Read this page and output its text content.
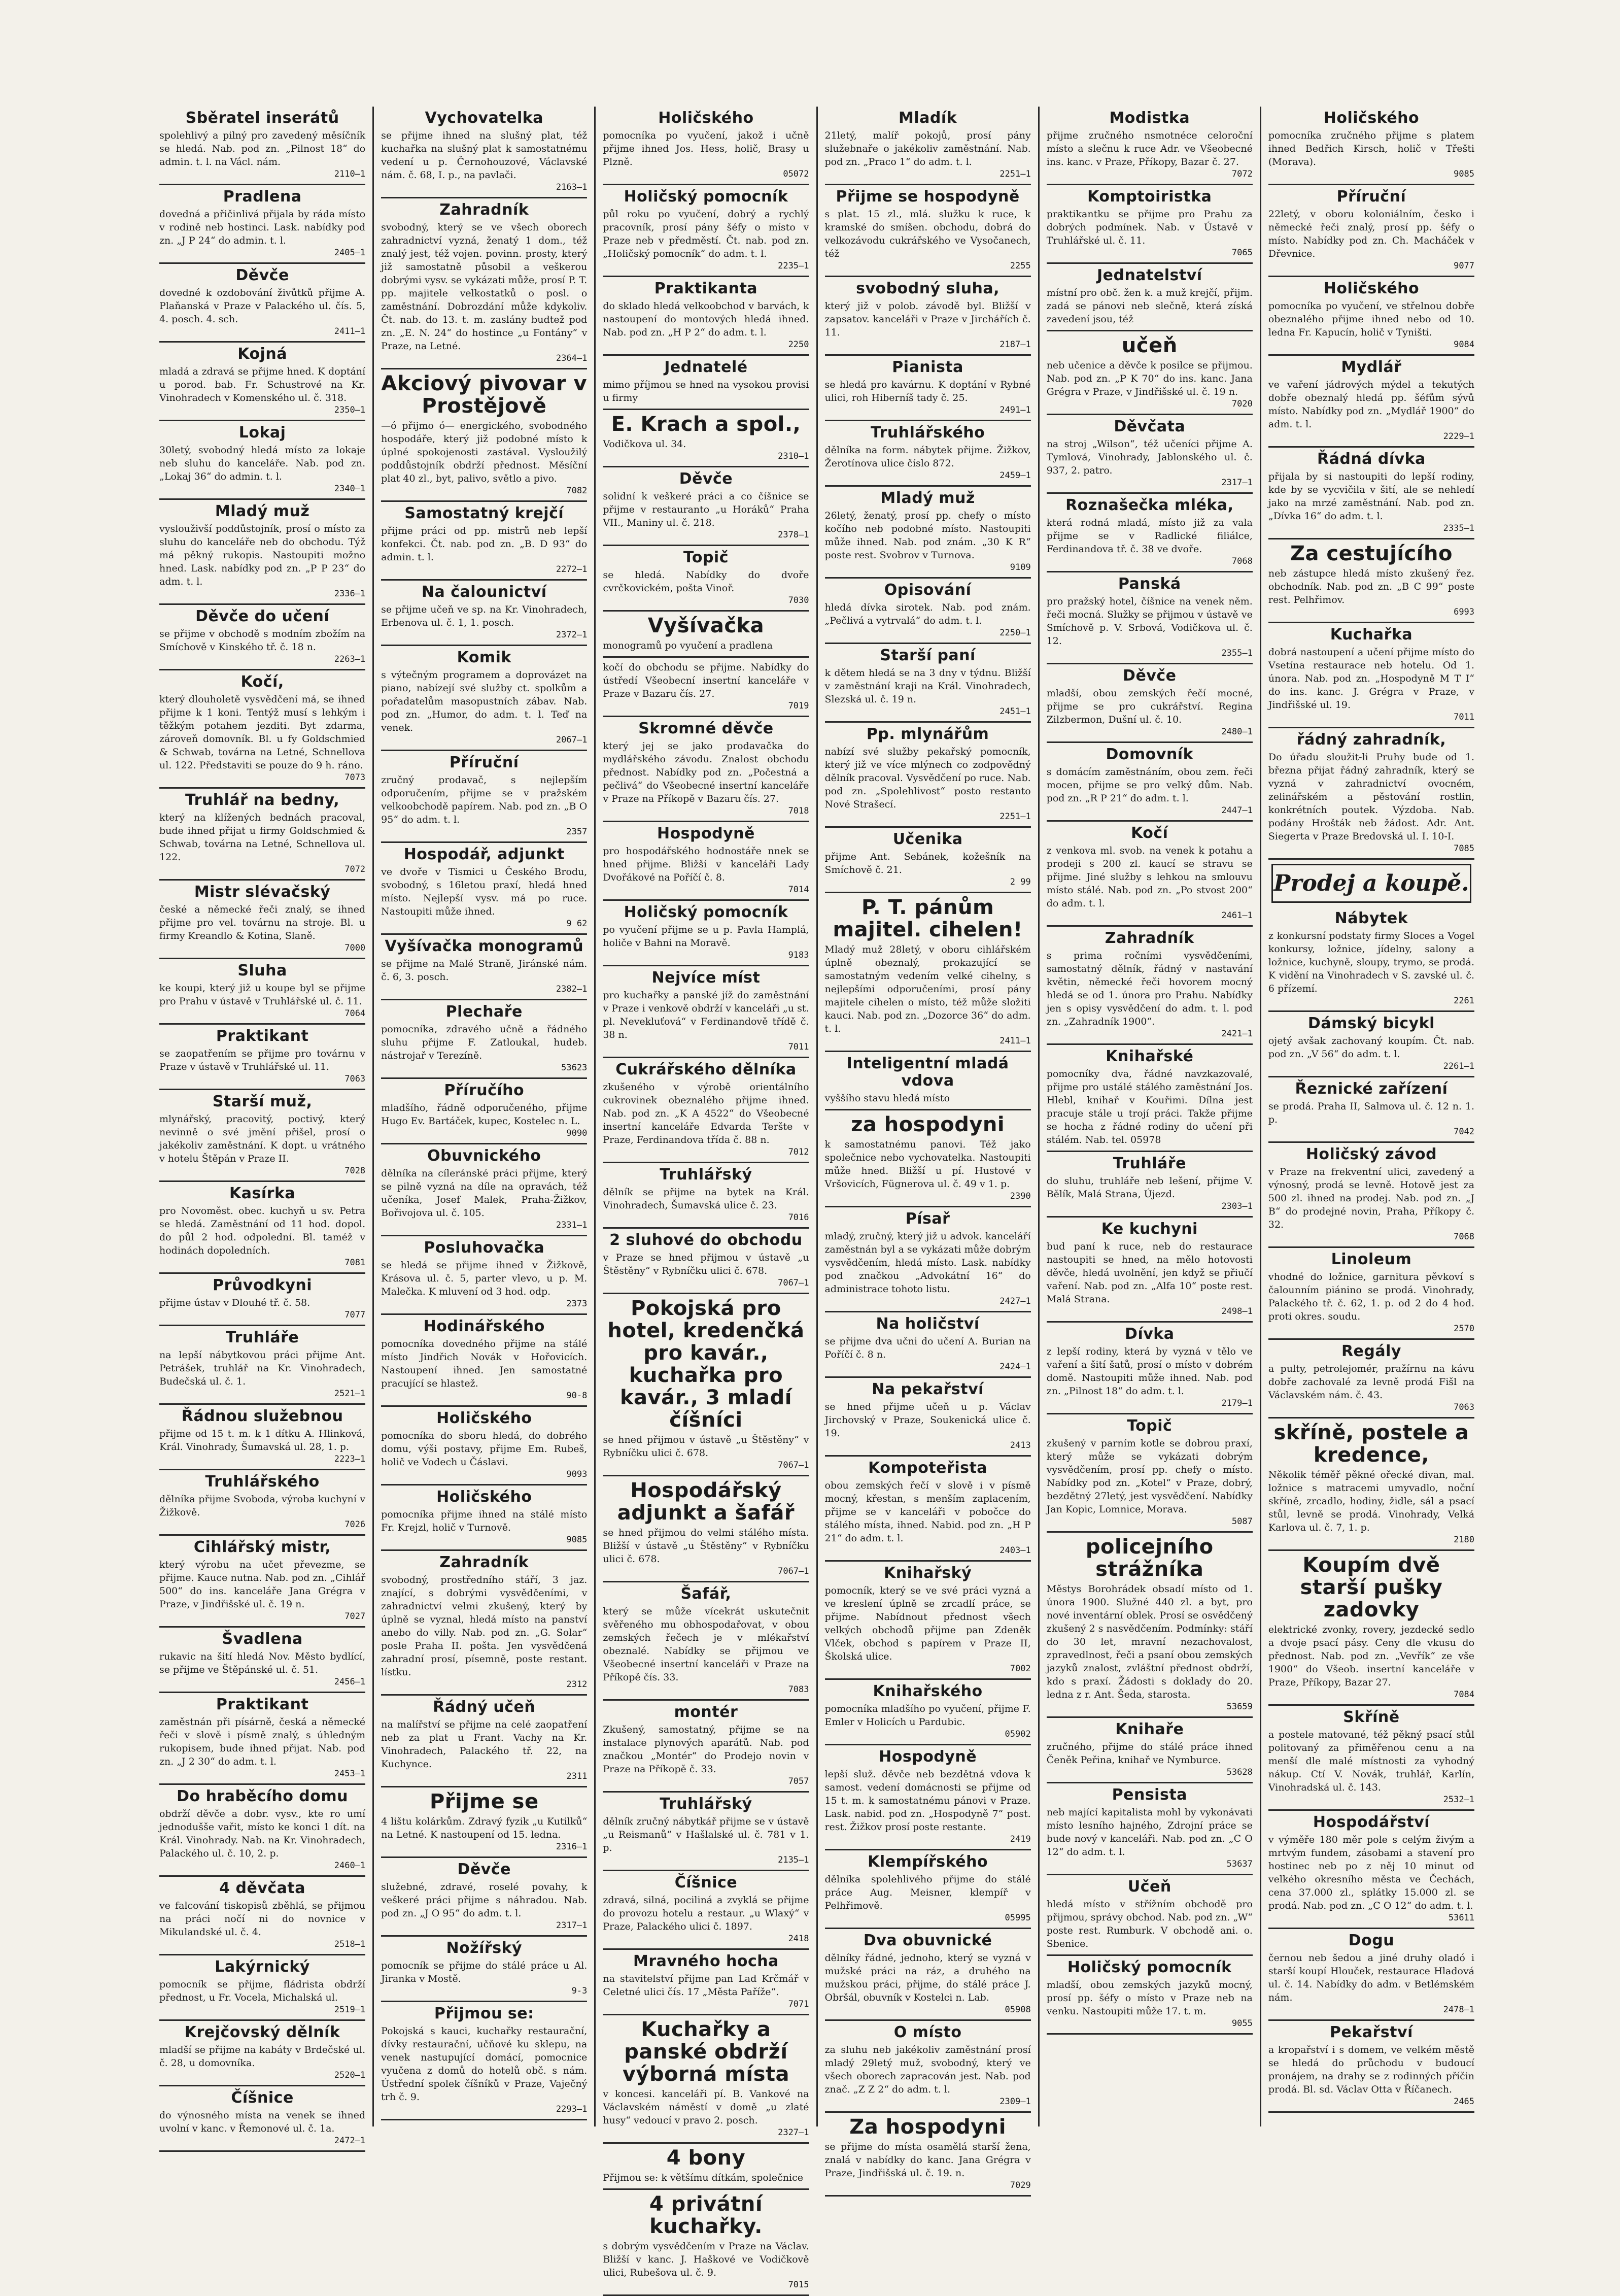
Sběratel inserátů

spolehlivý a pilný pro zavedený měsíčník se hledá. Nab. pod zn. „Pilnost 18“ do admin. t. l. na Václ. nám.

2110—1
Pradlena

dovedná a přičinlivá přijala by ráda místo v rodině neb hostinci. Lask. nabídky pod zn. „J P 24“ do admin. t. l.

2405—1
Děvče

dovedné k ozdobování živůtků přijme A. Plaňanská v Praze v Palackého ul. čís. 5, 4. posch. 4. sch.

2411—1
Kojná

mladá a zdravá se přijme hned. K doptání u porod. bab. Fr. Schustrové na Kr. Vinohradech v Komenského ul. č. 318.

2350—1
Lokaj

30letý, svobodný hledá místo za lokaje neb sluhu do kanceláře. Nab. pod zn. „Lokaj 36“ do admin. t. l.

2340—1
Mladý muž

vyslouživší poddůstojník, prosí o místo za sluhu do kanceláře neb do obchodu. Týž má pěkný rukopis. Nastoupiti možno hned. Lask. nabídky pod zn. „P P 23“ do adm. t. l.

2336—1
Děvče do učení

se přijme v obchodě s modním zbožím na Smíchově v Kinského tř. č. 18 n.

2263—1
Kočí,

který dlouholetě vysvědčení má, se ihned přijme k 1 koni. Tentýž musí s lehkým i těžkým potahem jezditi. Byt zdarma, zároveň domovník. Bl. u fy Goldschmied & Schwab, továrna na Letné, Schnellova ul. 122. Představiti se pouze do 9 h. ráno.

7073
Truhlář na bedny,

který na klížených bednách pracoval, bude ihned přijat u firmy Goldschmied & Schwab, továrna na Letné, Schnellova ul. 122.

7072
Mistr slévačský

české a německé řeči znalý, se ihned přijme pro vel. továrnu na stroje. Bl. u firmy Kreandlo & Kotina, Slaně.

7000
Sluha

ke koupi, který již u koupe byl se přijme pro Prahu v ústavě v Truhlářské ul. č. 11.

7064
Praktikant

se zaopatřením se přijme pro továrnu v Praze v ústavě v Truhlářské ul. 11.

7063
Starší muž,

mlynářský, pracovitý, poctivý, který nevinně o své jmění přišel, prosí o jakékoliv zaměstnání. K dopt. u vrátného v hotelu Štěpán v Praze II.

7028
Kasírka

pro Novoměst. obec. kuchyň u sv. Petra se hledá. Zaměstnání od 11 hod. dopol. do půl 2 hod. odpolední. Bl. taméž v hodinách dopoledních.

7081
Průvodkyni

přijme ústav v Dlouhé tř. č. 58.

7077
Truhláře

na lepší nábytkovou práci přijme Ant. Petrášek, truhlář na Kr. Vinohradech, Budečská ul. č. 1.

2521—1
Řádnou služebnou

přijme od 15 t. m. k 1 dítku A. Hlinková, Král. Vinohrady, Šumavská ul. 28, 1. p.

2223—1
Truhlářského

dělníka přijme Svoboda, výroba kuchyní v Žižkově.

7026
Cihlářský mistr,

který výrobu na učet převezme, se přijme. Kauce nutna. Nab. pod zn. „Cihlář 500“ do ins. kanceláře Jana Grégra v Praze, v Jindřišské ul. č. 19 n.

7027
Švadlena

rukavic na šití hledá Nov. Město bydlící, se přijme ve Štěpánské ul. č. 51.

2456—1
Praktikant

zaměstnán při písárně, česká a německé řeči v slově i písmě znalý, s úhledným rukopisem, bude ihned přijat. Nab. pod zn. „J 2 30“ do adm. t. l.

2453—1
Do hraběcího domu

obdrží děvče a dobr. vysv., kte ro umí jednodušše vařit, místo ke konci 1 dít. na Král. Vinohrady. Nab. na Kr. Vinohradech, Palackého ul. č. 10, 2. p.

2460—1
4 děvčata

ve falcování tiskopisů zběhlá, se přijmou na práci nočí ni do novnice v Mikulandské ul. č. 4.

2518—1
Lakýrnický

pomocník se přijme, fládrista obdrží přednost, u Fr. Vocela, Michalská ul.

2519—1
Krejčovský dělník

mladší se přijme na kabáty v Brdečské ul. č. 28, u domovníka.

2520—1
Číšnice

do výnosného místa na venek se ihned uvolní v kanc. v Řemonové ul. č. 1a.

2472—1
Vychovatelka

se přijme ihned na slušný plat, též kuchařka na slušný plat k samostatnému vedení u p. Černohouzové, Václavské nám. č. 68, I. p., na pavlači.

2163—1
Zahradník

svobodný, který se ve všech oborech zahradnictví vyzná, ženatý 1 dom., též znalý jest, též vojen. povinn. prosty, který již samostatně působil a veškerou dobrými vysv. se vykázati může, prosí P. T. pp. majitele velkostatků o posl. o zaměstnání. Dobrozdání může kdykoliv. Čt. nab. do 13. t. m. zaslány budtež pod zn. „E. N. 24“ do hostince „u Fontány“ v Praze, na Letné.

2364—1
Akciový pivovar v Prostějově

—ó přijmo ó— energického, svobodného hospodáře, který již podobné místo k úplné spokojenosti zastával. Vysloužilý poddůstojník obdrží přednost. Měsíční plat 40 zl., byt, palivo, světlo a pivo.

7082
Samostatný krejčí

přijme práci od pp. mistrů neb lepší konfekci. Čt. nab. pod zn. „B. D 93“ do admin. t. l.

2272—1
Na čalounictví

se přijme učeň ve sp. na Kr. Vinohradech, Erbenova ul. č. 1, 1. posch.

2372—1
Komik

s výtečným programem a doprovázet na piano, nabízejí své služby ct. spolkům a pořadatelům masopustních zábav. Nab. pod zn. „Humor, do adm. t. l. Teď na venek.

2067—1
Příruční

zručný prodavač, s nejlepším odporučením, přijme se v pražském velkoobchodě papírem. Nab. pod zn. „B O 95“ do adm. t. l.

2357
Hospodář, adjunkt

ve dvoře v Tismici u Českého Brodu, svobodný, s 16letou praxí, hledá hned místo. Nejlepší vysv. má po ruce. Nastoupiti může ihned.

9 62
Vyšívačka monogramů

se přijme na Malé Straně, Jiránské nám. č. 6, 3. posch.

2382—1
Plechaře

pomocníka, zdravého učně a řádného sluhu přijme F. Zatloukal, hudeb. nástrojař v Terezíně.

53623
Příručího

mladšího, řádně odporučeného, přijme Hugo Ev. Bartáček, kupec, Kostelec n. L.

9090
Obuvnického

dělníka na cíleránské práci přijme, který se pilně vyzná na díle na opravách, též učeníka, Josef Malek, Praha-Žižkov, Bořivojova ul. č. 105.

2331—1
Posluhovačka

se hledá se přijme ihned v Žižkově, Krásova ul. č. 5, parter vlevo, u p. M. Malečka. K mluvení od 3 hod. odp.

2373
Hodinářského

pomocníka dovedného přijme na stálé místo Jindřich Novák v Hořovicích. Nastoupení ihned. Jen samostatné pracující se hlastež.

90-8
Holičského

pomocníka do sboru hledá, do dobrého domu, výši postavy, přijme Em. Rubeš, holič ve Vodech u Čáslavi.

9093
Holičského

pomocníka přijme ihned na stálé místo Fr. Krejzl, holič v Turnově.

9085
Zahradník

svobodný, prostředního stáří, 3 jaz. znající, s dobrými vysvědčeními, v zahradnictví velmi zkušený, který by úplně se vyznal, hledá místo na panství anebo do villy. Nab. pod zn. „G. Solar“ posle Praha II. pošta. Jen vysvědčená zahradní prosí, písemně, poste restant. lístku.

2312
Řádný učeň

na malířství se přijme na celé zaopatření neb za plat u Frant. Vachy na Kr. Vinohradech, Palackého tř. 22, na Kuchynce.

2311
Přijme se

4 lištu kolárkům. Zdravý fyzik „u Kutilků“ na Letné. K nastoupení od 15. ledna.

2316—1
Děvče

služebné, zdravé, roselé povahy, k veškeré práci přijme s náhradou. Nab. pod zn. „J O 95“ do adm. t. l.

2317—1
Nožířský

pomocník se přijme do stálé práce u Al. Jiranka v Mostě.

9-3
Přijmou se:

Pokojská s kauci, kuchařky restaurační, dívky restaurační, učňové ku sklepu, na venek nastupující domácí, pomocnice vyučena z domů do hotelů obč. s nám. Ústřední spolek číšníků v Praze, Vaječný trh č. 9.

2293—1
Holičského

pomocníka po vyučení, jakož i učně přijme ihned Jos. Hess, holič, Brasy u Plzně.

05072
Holičský pomocník

půl roku po vyučení, dobrý a rychlý pracovník, prosí pány šéfy o místo v Praze neb v předměstí. Čt. nab. pod zn. „Holičský pomocník“ do adm. t. l.

2235—1
Praktikanta

do sklado hledá velkoobchod v barvách, k nastoupení do montových hledá ihned. Nab. pod zn. „H P 2“ do adm. t. l.

2250
Jednatelé

mimo příjmou se hned na vysokou provisi u firmy

E. Krach a spol.,

Vodičkova ul. 34.

2310—1
Děvče

solidní k veškeré práci a co číšnice se přijme v restauranto „u Horáků“ Praha VII., Maniny ul. č. 218.

2378—1
Topič

se hledá. Nabídky do dvoře cvrčkovickém, pošta Vinoř.

7030
Vyšívačka

monogramů po vyučení a pradlena

kočí do obchodu se přijme. Nabídky do ústředí Všeobecní insertní kanceláře v Praze v Bazaru čís. 27.

7019
Skromné děvče

který jej se jako prodavačka do mydlářského závodu. Znalost obchodu přednost. Nabídky pod zn. „Počestná a pečlivá“ do Všeobecné insertní kanceláře v Praze na Příkopě v Bazaru čís. 27.

7018
Hospodyně

pro hospodářského hodnostáře nnek se hned přijme. Bližší v kanceláři Lady Dvořákové na Poříčí č. 8.

7014
Holičský pomocník

po vyučení přijme se u p. Pavla Hamplá, holiče v Bahni na Moravě.

9183
Nejvíce míst

pro kuchařky a panské jíž do zaměstnání v Praze i venkově obdrží v kanceláři „u st. pl. Nevekluťová“ v Ferdinandově třídě č. 38 n.

7011
Cukrářského dělníka

zkušeného v výrobě orientálního cukrovinek obeznalého přijme ihned. Nab. pod zn. „K A 4522“ do Všeobecné insertní kanceláře Edvarda Teršte v Praze, Ferdinandova třída č. 88 n.

7012
Truhlářský

dělník se přijme na bytek na Král. Vinohradech, Šumavská ulice č. 23.

7016
2 sluhové do obchodu

v Praze se hned přijmou v ústavě „u Štěstěny“ v Rybníčku ulici č. 678.

7067—1
Pokojská pro hotel, kredenčká pro kavár., kuchařka pro kavár., 3 mladí číšníci

se hned přijmou v ústavě „u Štěstěny“ v Rybníčku ulici č. 678.

7067—1
Hospodářský adjunkt a šafář

se hned přijmou do velmi stálého místa. Bližší v ústavě „u Štěstěny“ v Rybníčku ulici č. 678.

7067—1
Šafář,

který se může vícekrát uskutečnit svěřeného mu obhospodařovat, v obou zemských řečech je v mlékařství obeznalé. Nabídky se přijmou ve Všeobecné insertní kanceláři v Praze na Příkopě čís. 33.

7083
montér

Zkušený, samostatný, přijme se na instalace plynových aparátů. Nab. pod značkou „Montér“ do Prodejo novin v Praze na Příkopě č. 33.

7057
Truhlářský

dělník zručný nábytkář přijme se v ústavě „u Reismanů“ v Hašlalské ul. č. 781 v 1. p.

2135—1
Číšnice

zdravá, silná, pociliná a zvyklá se přijme do provozu hotelu a restaur. „u Wlaxý“ v Praze, Palackého ulici č. 1897.

2418
Mravného hocha

na stavitelství přijme pan Lad Krčmář v Celetné ulici čís. 17 „Města Paříže“.

7071
Kuchařky a panské obdrží výborná místa

v koncesi. kanceláři pí. B. Vankové na Václavském náměstí v domě „u zlaté husy“ vedoucí v pravo 2. posch.

2327—1
4 bony

Přijmou se: k většímu dítkám, společnice

4 privátní kuchařky.

s dobrým vysvědčením v Praze na Václav. Bližší v kanc. J. Haškové ve Vodičkově ulici, Rubešova ul. č. 9.

7015
Mladík

21letý, malíř pokojů, prosí pány služebnaře o jakékoliv zaměstnání. Nab. pod zn. „Praco 1“ do adm. t. l.

2251—1
Přijme se hospodyně

s plat. 15 zl., mlá. služku k ruce, k kramské do smíšen. obchodu, dobrá do velkozávodu cukrářského ve Vysočanech, též

2255
svobodný sluha,

který již v polob. závodě byl. Bližší v zapsatov. kanceláři v Praze v Jirchářích č. 11.

2187—1
Pianista

se hledá pro kavárnu. K doptání v Rybné ulici, roh Hiberníš tady č. 25.

2491—1
Truhlářského

dělníka na form. nábytek přijme. Žižkov, Žerotínova ulice číslo 872.

2459—1
Mladý muž

26letý, ženatý, prosí pp. chefy o místo kočího neb podobné místo. Nastoupiti může ihned. Nab. pod znám. „30 K R“ poste rest. Svobrov v Turnova.

9109
Opisování

hledá dívka sirotek. Nab. pod znám. „Pečlivá a vytrvalá“ do adm. t. l.

2250—1
Starší paní

k dětem hledá se na 3 dny v týdnu. Bližší v zaměstnání kraji na Král. Vinohradech, Slezská ul. č. 19 n.

2451—1
Pp. mlynářům

nabízí své služby pekařský pomocník, který již ve více mlýnech co zodpovědný dělník pracoval. Vysvědčení po ruce. Nab. pod zn. „Spolehlivost“ posto restanto Nové Strašecí.

2251—1
Učenika

přijme Ant. Sebánek, kožešník na Smíchově č. 21.

2 99
P. T. pánům majitel. cihelen!

Mladý muž 28letý, v oboru cihlářském úplně obeznalý, prokazující se samostatným vedením velké cihelny, s nejlepšími odporučeními, prosí pány majitele cihelen o místo, též může složiti kauci. Nab. pod zn. „Dozorce 36“ do adm. t. l.

2411—1
Inteligentní mladá vdova

vyššího stavu hledá místo

za hospodyni

k samostatnému panovi. Též jako společnice nebo vychovatelka. Nastoupiti může hned. Bližší u pí. Hustové v Vršovicích, Fügnerova ul. č. 49 v 1. p.

2390
Písař

mladý, zručný, který již u advok. kanceláří zaměstnán byl a se vykázati může dobrým vysvědčením, hledá místo. Lask. nabídky pod značkou „Advokátní 16“ do administrace tohoto listu.

2427—1
Na holičství

se přijme dva učni do učení A. Burian na Poříčí č. 8 n.

2424—1
Na pekařství

se hned přijme učeň u p. Václav Jirchovský v Praze, Soukenická ulice č. 19.

2413
Kompoteřista

obou zemských řečí v slově i v písmě mocný, křestan, s menším zaplacením, přijme se v kanceláři v pobočce do stálého místa, ihned. Nabid. pod zn. „H P 21“ do adm. t. l.

2403—1
Knihařský

pomocník, který se ve své práci vyzná a ve kreslení úplně se zrcadlí práce, se přijme. Nabídnout přednost všech velkých obchodů přijme pan Zdeněk Vlček, obchod s papírem v Praze II, Školská ulice.

7002
Knihařského

pomocníka mladšího po vyučení, přijme F. Emler v Holicích u Pardubic.

05902
Hospodyně

lepší služ. děvče neb bezdětná vdova k samost. vedení domácnosti se přijme od 15 t. m. k samostatnému pánovi v Praze. Lask. nabid. pod zn. „Hospodyně 7“ post. rest. Žižkov prosí poste restante.

2419
Klempířského

dělníka spolehlivého přijme do stálé práce Aug. Meisner, klempíř v Pelhřimově.

05995
Dva obuvnické

dělníky řádné, jednoho, který se vyzná v mužské práci na ráz, a druhého na mužskou práci, přijme, do stálé práce J. Obršál, obuvník v Kostelci n. Lab.

05908
O místo

za sluhu neb jakékoliv zaměstnání prosí mladý 29letý muž, svobodný, který ve všech oborech zapracován jest. Nab. pod znač. „Z Z 2“ do adm. t. l.

2309—1
Za hospodyni

se přijme do místa osamělá starší žena, znalá v nabídky do kanc. Jana Grégra v Praze, Jindřišská ul. č. 19. n.

7029
Modistka

přijme zručného nsmotnéce celoroční místo a slečnu k ruce Adr. ve Všeobecné ins. kanc. v Praze, Příkopy, Bazar č. 27.

7072
Komptoiristka

praktikantku se přijme pro Prahu za dobrých podmínek. Nab. v Ústavě v Truhlářské ul. č. 11.

7065
Jednatelství

místní pro obč. žen k. a muž krejčí, přijm. zadá se pánovi neb slečně, která získá zavedení jsou, též

učeň

neb učenice a děvče k posilce se přijmou. Nab. pod zn. „P K 70“ do ins. kanc. Jana Grégra v Praze, v Jindřišské ul. č. 19 n.

7020
Děvčata

na stroj „Wilson“, též učeníci přijme A. Tymlová, Vinohrady, Jablonského ul. č. 937, 2. patro.

2317—1
Roznašečka mléka,

která rodná mladá, místo již za vala přijme se v Radlické filiálce, Ferdinandova tř. č. 38 ve dvoře.

7068
Panská

pro pražský hotel, číšnice na venek něm. řeči mocná. Služky se přijmou v ústavě ve Smíchově p. V. Srbová, Vodičkova ul. č. 12.

2355—1
Děvče

mladší, obou zemských řečí mocné, přijme se pro cukrářství. Regina Zilzbermon, Dušní ul. č. 10.

2480—1
Domovník

s domácím zaměstnáním, obou zem. řeči mocen, přijme se pro velký dům. Nab. pod zn. „R P 21“ do adm. t. l.

2447—1
Kočí

z venkova ml. svob. na venek k potahu a prodeji s 200 zl. kaucí se stravu se přijme. Jiné služby s lehkou na smlouvu místo stálé. Nab. pod zn. „Po stvost 200“ do adm. t. l.

2461—1
Zahradník

s prima ročními vysvědčeními, samostatný dělník, řádný v nastavání květin, německé řeči hovorem mocný hledá se od 1. února pro Prahu. Nabídky jen s opisy vysvědčení do adm. t. l. pod zn. „Zahradník 1900“.

2421—1
Knihařské

pomocníky dva, řádné navzkazovalé, přijme pro ustálé stálého zaměstnání Jos. Hlebl, knihař v Kouřimi. Dílna jest pracuje stále u trojí práci. Takže přijme se hocha z řádné rodiny do učení při stálém. Nab. tel. 05978

Truhláře

do sluhu, truhláře neb lešení, přijme V. Bělík, Malá Strana, Újezd.

2303—1
Ke kuchyni

bud paní k ruce, neb do restaurace nastoupiti se hned, na mělo hotovosti děvče, hledá uvolnění, jen když se přiučí vaření. Nab. pod zn. „Alfa 10“ poste rest. Malá Strana.

2498—1
Dívka

z lepší rodiny, která by vyzná v tělo ve vaření a šití šatů, prosí o místo v dobrém domě. Nastoupiti může ihned. Nab. pod zn. „Pilnost 18“ do adm. t. l.

2179—1
Topič

zkušený v parním kotle se dobrou praxí, který může se vykázati dobrým vysvědčením, prosí pp. chefy o místo. Nabídky pod zn. „Kotel“ v Praze, dobrý, bezdětný 27letý, jest vysvědčení. Nabídky Jan Kopic, Lomnice, Morava.

5087
policejního strážníka

Městys Borohrádek obsadí místo od 1. února 1900. Služné 440 zl. a byt, pro nové inventární oblek. Prosí se osvědčený zkušený 2 s nasvědčením. Podmínky: stáří do 30 let, mravní nezachovalost, zpravedlnost, řeči a psaní obou zemských jazyků znalost, zvláštní přednost obdrží, kdo s praxí. Žádosti s doklady do 20. ledna z r. Ant. Šeda, starosta.

53659
Knihaře

zručného, přijme do stálé práce ihned Čeněk Peřina, knihař ve Nymburce.

53628
Pensista

neb mající kapitalista mohl by vykonávati místo lesního hajného, Zdrojní práce se bude nový v kanceláři. Nab. pod zn. „C O 12“ do adm. t. l.

53637
Učeň

hledá místo v střížním obchodě pro přijmou, správy obchod. Nab. pod zn. „W“ poste rest. Rumburk. V obchodě ani. o. Sbenice.

Holičský pomocník

mladší, obou zemských jazyků mocný, prosí pp. šéfy o místo v Praze neb na venku. Nastoupiti může 17. t. m.

9055
Holičského

pomocníka zručného přijme s platem ihned Bedřich Kirsch, holič v Třešti (Morava).

9085
Příruční

22letý, v oboru koloniálním, česko i německé řeči znalý, prosí pp. šéfy o místo. Nabídky pod zn. Ch. Macháček v Dřevnice.

9077
Holičského

pomocníka po vyučení, ve střelnou dobře obeznalého přijme ihned nebo od 10. ledna Fr. Kapucín, holič v Tyništi.

9084
Mydlář

ve vaření jádrových mýdel a tekutých dobře obeznalý hledá pp. šéfům sývů místo. Nabídky pod zn. „Mydlář 1900“ do adm. t. l.

2229—1
Řádná dívka

přijala by si nastoupiti do lepší rodiny, kde by se vycvičila v šití, ale se nehledí jako na mrzé zaměstnání. Nab. pod zn. „Dívka 16“ do adm. t. l.

2335—1
Za cestujícího

neb zástupce hledá místo zkušený řez. obchodník. Nab. pod zn. „B C 99“ poste rest. Pelhřimov.

6993
Kuchařka

dobrá nastoupení a učení přijme místo do Vsetína restaurace neb hotelu. Od 1. února. Nab. pod zn. „Hospodyně M T I“ do ins. kanc. J. Grégra v Praze, v Jindřišské ul. 19.

7011
řádný zahradník,

Do úřadu sloužit-li Pruhy bude od 1. března přijat řádný zahradník, který se vyzná v zahradnictví ovocném, zelinářském a pěstování rostlin, konkrétních poutek. Výzdoba. Nab. podány Hrošták neb žádost. Adr. Ant. Siegerta v Praze Bredovská ul. I. 10-I.

7085
Prodej a koupě.
Nábytek

z konkursní podstaty firmy Sloces a Vogel konkursy, ložnice, jídelny, salony a ložnice, kuchyně, sloupy, trymo, se prodá. K vidění na Vinohradech v S. zavské ul. č. 6 přízemí.

2261
Dámský bicykl

ojetý avšak zachovaný koupím. Čt. nab. pod zn. „V 56“ do adm. t. l.

2261—1
Řeznické zařízení

se prodá. Praha II, Salmova ul. č. 12 n. 1. p.

7042
Holičský závod

v Praze na frekventní ulici, zavedený a výnosný, prodá se levně. Hotově jest za 500 zl. ihned na prodej. Nab. pod zn. „J B“ do prodejné novin, Praha, Příkopy č. 32.

7068
Linoleum

vhodné do ložnice, garnitura pěvkoví s čalounním piánino se prodá. Vinohrady, Palackého tř. č. 62, 1. p. od 2 do 4 hod. proti okres. soudu.

2570
Regály

a pulty, petrolejomér, pražírnu na kávu dobře zachovalé za levně prodá Fišl na Václavském nám. č. 43.

7063
skříně, postele a kredence,

Několik téměř pěkné ořecké divan, mal. ložnice s matracemi umyvadlo, noční skříně, zrcadlo, hodiny, židle, sál a psací stůl, levně se prodá. Vinohrady, Velká Karlova ul. č. 7, 1. p.

2180
Koupím dvě starší pušky zadovky

elektrické zvonky, rovery, jezdecké sedlo a dvoje psací pásy. Ceny dle vkusu do přednost. Nab. pod zn. „Vevřík“ ze vše 1900“ do Všeob. insertní kanceláře v Praze, Příkopy, Bazar 27.

7084
Skříně

a postele matované, též pěkný psací stůl politovaný za přiměřenou cenu a na menší dle malé místnosti za vyhodný nákup. Ctí V. Novák, truhlář, Karlín, Vinohradská ul. č. 143.

2532—1
Hospodářství

v výměře 180 měr pole s celým živým a mrtvým fundem, zásobami a stavení pro hostinec neb po z něj 10 minut od velkého okresního města ve Čechách, cena 37.000 zl., splátky 15.000 zl. se prodá. Nab. pod zn. „C O 12“ do adm. t. l.

53611
Dogu

černou neb šedou a jiné druhy oladó i starší koupí Hlouček, restaurace Hladová ul. č. 14. Nabídky do adm. v Betlémském nám.

2478—1
Pekařství

a kropařství i s domem, ve velkém městě se hledá do průchodu v budoucí pronájem, na drahy se z rodinných příčin prodá. Bl. sd. Václav Otta v Říčanech.

2465
